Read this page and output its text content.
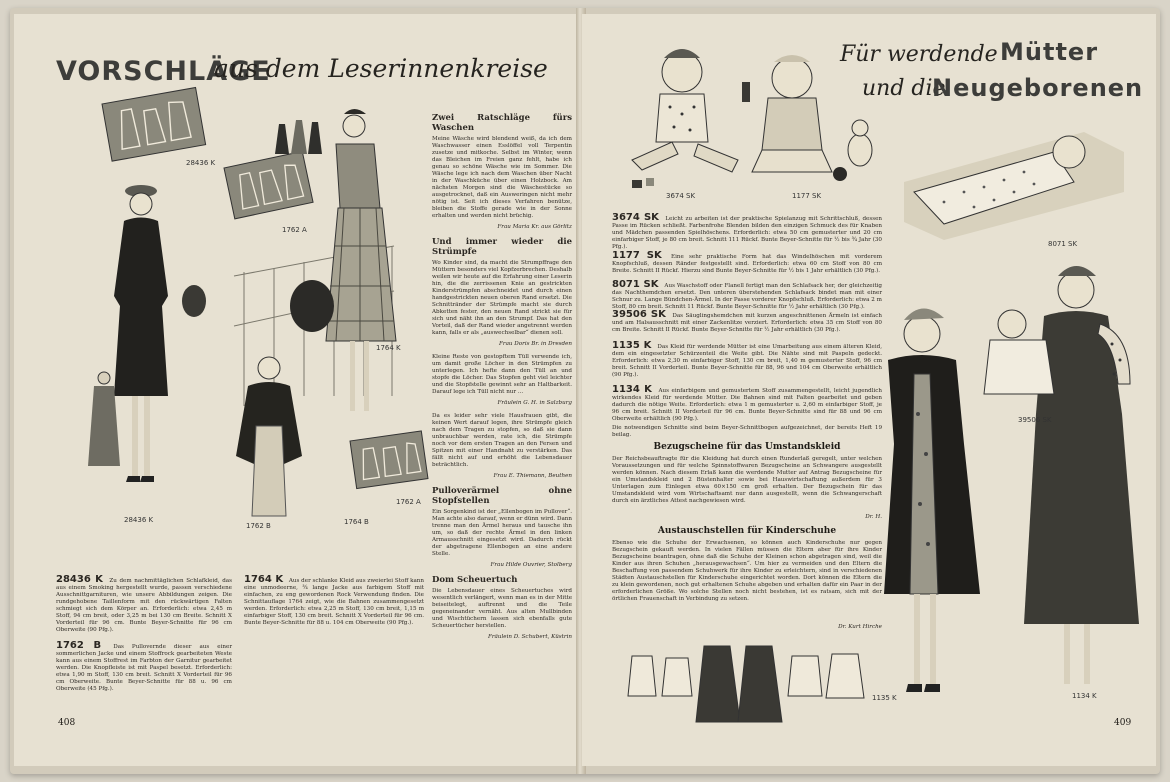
VORSCHLÄGE
aus dem Leserinnenkreise
28436 K
1762 A
1764 K
1762 B
1762 A
1764 B
28436 K
Zwei Ratschläge fürs Waschen

Meine Wäsche wird blendend weiß, da ich dem Waschwasser einen Esslöffel voll Terpentin zusetze und mitkoche. Selbst im Winter, wenn das Bleichen im Freien ganz fehlt, habe ich genau so schöne Wäsche wie im Sommer. Die Wäsche lege ich nach dem Waschen über Nacht in der Waschküche über einen Holzbock. Am nächsten Morgen sind die Wäschestücke so ausgetrocknet, daß ein Ausweringen nicht mehr nötig ist. Seit ich dieses Verfahren benütze, bleiben die Stoffe gerade wie in der Sonne erhalten und werden nicht brüchig.

Frau Maria Kr. aus Görlitz
Und immer wieder die Strümpfe

Wo Kinder sind, da macht die Strumpffrage den Müttern besonders viel Kopfzerbrechen. Deshalb weilen wir heute auf die Erfahrung einer Leserin hin, die die zerrissenen Knie an gestrickten Kinderstrümpfen abschneidet und durch einen handgestrickten neuen oberen Rand ersetzt. Die Schnittränder der Strümpfe macht sie durch Abketten fester, den neuen Rand strickt sie für sich und näht ihn an den Strumpf. Das hat den Vorteil, daß der Rand wieder angetrennt werden kann, falls er als „auswechselbar“ dienen soll.

Frau Doris Br. in Dresden

Kleine Reste von gestopftem Tüll verwende ich, um damit große Löcher in den Strümpfen zu unterlegen. Ich hefte dann den Tüll an und stopfe die Löcher. Das Stopfen geht viel leichter und die Stopfstelle gewinnt sehr an Haltbarkeit. Darauf lege ich Tüll nicht nur ...

Fräulein G. H. in Salzburg

Da es leider sehr viele Hausfrauen gibt, die keinen Wert darauf legen, ihre Strümpfe gleich nach dem Tragen zu stopfen, so daß sie dann unbrauchbar werden, rate ich, die Strümpfe noch vor dem ersten Tragen an den Fersen und Spitzen mit einer Handnaht zu verstärken. Das fällt nicht auf und erhöht die Lebensdauer beträchtlich.

Frau E. Thiemann, Beuthen
Pulloverärmel ohne Stopfstellen

Ein Sorgenkind ist der „Ellenbogen im Pullover“. Man achte also darauf, wenn er dünn wird. Dann trenne man den Ärmel heraus und tausche ihn um, so daß der rechte Ärmel in den linken Armausschnitt eingesetzt wird. Dadurch rückt der abgetragene Ellenbogen an eine andere Stelle.

Frau Hilde Ouvrier, Stolberg
Dom Scheuertuch

Die Lebensdauer eines Scheuertuches wird wesentlich verlängert, wenn man es in der Mitte beiseitelegt, auftrennt und die Teile gegeneinander vernäht. Aus alten Mullbinden und Wischtüchern lassen sich ebenfalls gute Scheuertücher herstellen.

Fräulein D. Schubert, Küstrin
28436 K Zu dem nachmittäglichen Schlafkleid, das aus einem Smoking hergestellt wurde, passen verschiedene Ausschnittgarnituren, wie unsere Abbildungen zeigen. Die rundgehobene Taillenform mit den rückwärtigen Falten schmiegt sich dem Körper an. Erforderlich: etwa 2,45 m Stoff, 94 cm breit, oder 3,25 m bei 130 cm Breite. Schnitt X Vorderteil für 96 cm. Bunte Beyer-Schnitte für 96 cm Oberweite (90 Pfg.).
1762 B Das Pullovernde dieser aus einer sommerlichen Jacke und einem Stoffrock gearbeiteten Weste kann aus einem Stoffrest im Farbton der Garnitur gearbeitet werden. Die Knopfleiste ist mit Paspel besetzt. Erforderlich: etwa 1,90 m Stoff, 130 cm breit. Schnitt X Vorderteil für 96 cm Oberweite. Bunte Beyer-Schnitte für 88 u. 96 cm Oberweite (45 Pfg.).
1764 K Aus der schlanke Kleid aus zweierlei Stoff kann eine unmodeerne, ¾ lange Jacke aus farbigem Stoff mit einfachen, zu eng gewordenen Rock Verwendung finden. Die Schnittauflage 1764 zeigt, wie die Bahnen zusammengesetzt werden. Erforderlich: etwa 2,25 m Stoff, 130 cm breit, 1,15 m einfarbiger Stoff, 130 cm breit. Schnitt X Vorderteil für 96 cm. Bunte Beyer-Schnitte für 88 u. 104 cm Oberweite (90 Pfg.).
408
Für werdende Mütter
und die
Neugeborenen
3674 SK	1177 SK
8071 SK
3674 SK Leicht zu arbeiten ist der praktische Spielanzug mit Schrittschluß, dessen Passe im Rücken schließt. Farbenfrohe Blenden bilden den einzigen Schmuck des für Knaben und Mädchen passenden Spielhöschens. Erforderlich: etwa 50 cm gemusterter und 20 cm einfarbiger Stoff, je 80 cm breit. Schnitt 111 Rückf. Bunte Beyer-Schnitte für ½ bis ¾ Jahr (30 Pfg.).
1177 SK Eine sehr praktische Form hat das Windelhöschen mit vorderem Knopfschluß, dessen Ränder festgestellt sind. Erforderlich: etwa 60 cm Stoff von 80 cm Breite. Schnitt II Rückf. Hierzu sind Bunte Beyer-Schnitte für ½ bis 1 Jahr erhältlich (30 Pfg.).
8071 SK Aus Waschstoff oder Flanell fertigt man den Schlafsack her, der gleichzeitig das Nachthemdchen ersetzt. Den unteren überstehenden Schlafsack bindet man mit einer Schnur zu. Lange Bündchen-Ärmel. In der Passe vorderer Knopfschluß. Erforderlich: etwa 2 m Stoff, 80 cm breit. Schnitt 11 Rückf. Bunte Beyer-Schnitte für ½ Jahr erhältlich (30 Pfg.).
39506 SK Das Säuglingshemdchen mit kurzen angeschnittenen Ärmeln ist einfach und am Halsausschnitt mit einer Zackenlitze verziert. Erforderlich: etwa 35 cm Stoff von 80 cm Breite. Schnitt II Rückf. Bunte Beyer-Schnitte für ½ Jahr erhältlich (30 Pfg.).
1135 K Das Kleid für werdende Mütter ist eine Umarbeitung aus einem älteren Kleid, dem ein eingesetzter Schürzenteil die Weite gibt. Die Nähte sind mit Paspeln gedeckt. Erforderlich: etwa 2,30 m einfarbiger Stoff, 130 cm breit, 1,40 m gemusterter Stoff, 96 cm breit. Schnitt II Vorderteil. Bunte Beyer-Schnitte für 88, 96 und 104 cm Oberweite erhältlich (90 Pfg.).
1134 K Aus einfarbigem und gemustertem Stoff zusammengestellt, leicht jugendlich wirkendes Kleid für werdende Mütter. Die Bahnen sind mit Falten gearbeitet und geben dadurch die nötige Weite. Erforderlich: etwa 1 m gemusterter u. 2,60 m einfarbiger Stoff, je 96 cm breit. Schnitt II Vorderteil für 96 cm. Bunte Beyer-Schnitte sind für 88 und 96 cm Oberweite erhältlich (90 Pfg.).
Die notwendigen Schnitte sind beim Beyer-Schnittbogen aufgezeichnet, der bereits Heft 19 beilag.
Bezugscheine für das Umstandskleid
Der Reichsbeauftragte für die Kleidung hat durch einen Runderlaß geregelt, unter welchen Voraussetzungen und für welche Spinnstoffwaren Bezugscheine an Schwangere ausgestellt werden können. Nach diesem Erlaß kann die werdende Mutter auf Antrag Bezugscheine für ein Umstandskleid und 2 Büstenhalter sowie bei Hauswirtschaftung außerdem für 3 Unterlagen zum Einlegen etwa 60×150 cm groß erhalten. Der Bezugschein für das Umstandskleid wird vom Wirtschaftsamt nur dann ausgestellt, wenn die Schwangerschaft durch ein ärztliches Attest nachgewiesen wird.
Dr. H.
Austauschstellen für Kinderschuhe
Ebenso wie die Schuhe der Erwachsenen, so können auch Kinderschuhe nur gegen Bezugschein gekauft werden. In vielen Fällen müssen die Eltern aber für ihre Kinder Bezugscheine beantragen, ohne daß die Schuhe der Kleinen schon abgetragen sind, weil die Kinder aus ihren Schuhen „herausgewachsen“. Um hier zu vermeiden und den Eltern die Beschaffung von passendem Schuhwerk für ihre Kinder zu erleichtern, sind in verschiedenen Städten Austauschstellen für Kinderschuhe eingerichtet worden. Dort können die Eltern die zu klein gewordenen, noch gut erhaltenen Schuhe abgeben und erhalten dafür ein Paar in der erforderlichen Größe. Wo solche Stellen noch nicht bestehen, ist es ratsam, sich mit der örtlichen Frauenschaft in Verbindung zu setzen.
Dr. Kurt Hirche
39506 SK
1135 K	1134 K
409
